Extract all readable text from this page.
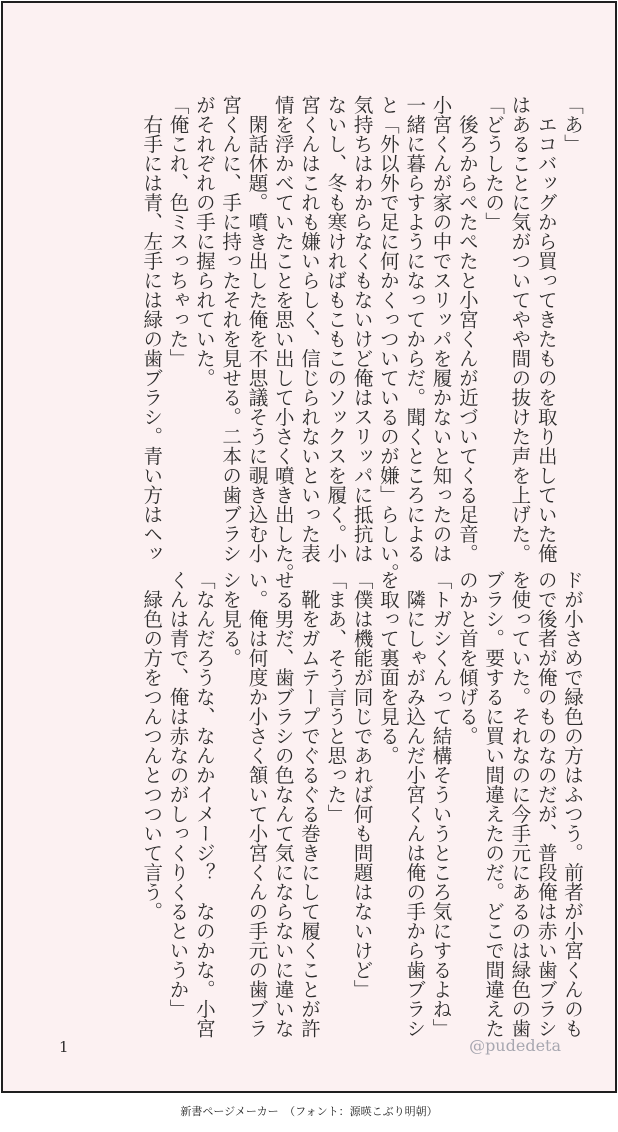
「あ」
　エコバッグから買ってきたものを取り出していた俺
はあることに気がついてやや間の抜けた声を上げた。
「どうしたの」
　後ろからぺたぺたと小宮くんが近づいてくる足音。
小宮くんが家の中でスリッパを履かないと知ったのは
一緒に暮らすようになってからだ。聞くところによる
と「外以外で足に何かくっついているのが嫌」らしい。
気持ちはわからなくもないけど俺はスリッパに抵抗は
ないし、冬も寒ければもこもこのソックスを履く。小
宮くんはこれも嫌いらしく、信じられないといった表
情を浮かべていたことを思い出して小さく噴き出した。
　閑話休題。噴き出した俺を不思議そうに覗き込む小
宮くんに、手に持ったそれを見せる。二本の歯ブラシ
がそれぞれの手に握られていた。
「俺これ、色ミスっちゃった」
　右手には青、左手には緑の歯ブラシ。青い方はヘッ
ドが小さめで緑色の方はふつう。前者が小宮くんのも
ので後者が俺のものなのだが、普段俺は赤い歯ブラシ
を使っていた。それなのに今手元にあるのは緑色の歯
ブラシ。要するに買い間違えたのだ。どこで間違えた
のかと首を傾げる。
「トガシくんって結構そういうところ気にするよね」
　隣にしゃがみ込んだ小宮くんは俺の手から歯ブラシ
を取って裏面を見る。
「僕は機能が同じであれば何も問題はないけど」
「まあ、そう言うと思った」
　靴をガムテープでぐるぐる巻きにして履くことが許
せる男だ、歯ブラシの色なんて気にならないに違いな
い。俺は何度か小さく頷いて小宮くんの手元の歯ブラ
シを見る。
「なんだろうな、なんかイメージ？　なのかな。小宮
くんは青で、俺は赤なのがしっくりくるというか」
　緑色の方をつんつんとつついて言う。
1	@pudedeta
新書ページメーカー　（フォント：源暎こぶり明朝）
